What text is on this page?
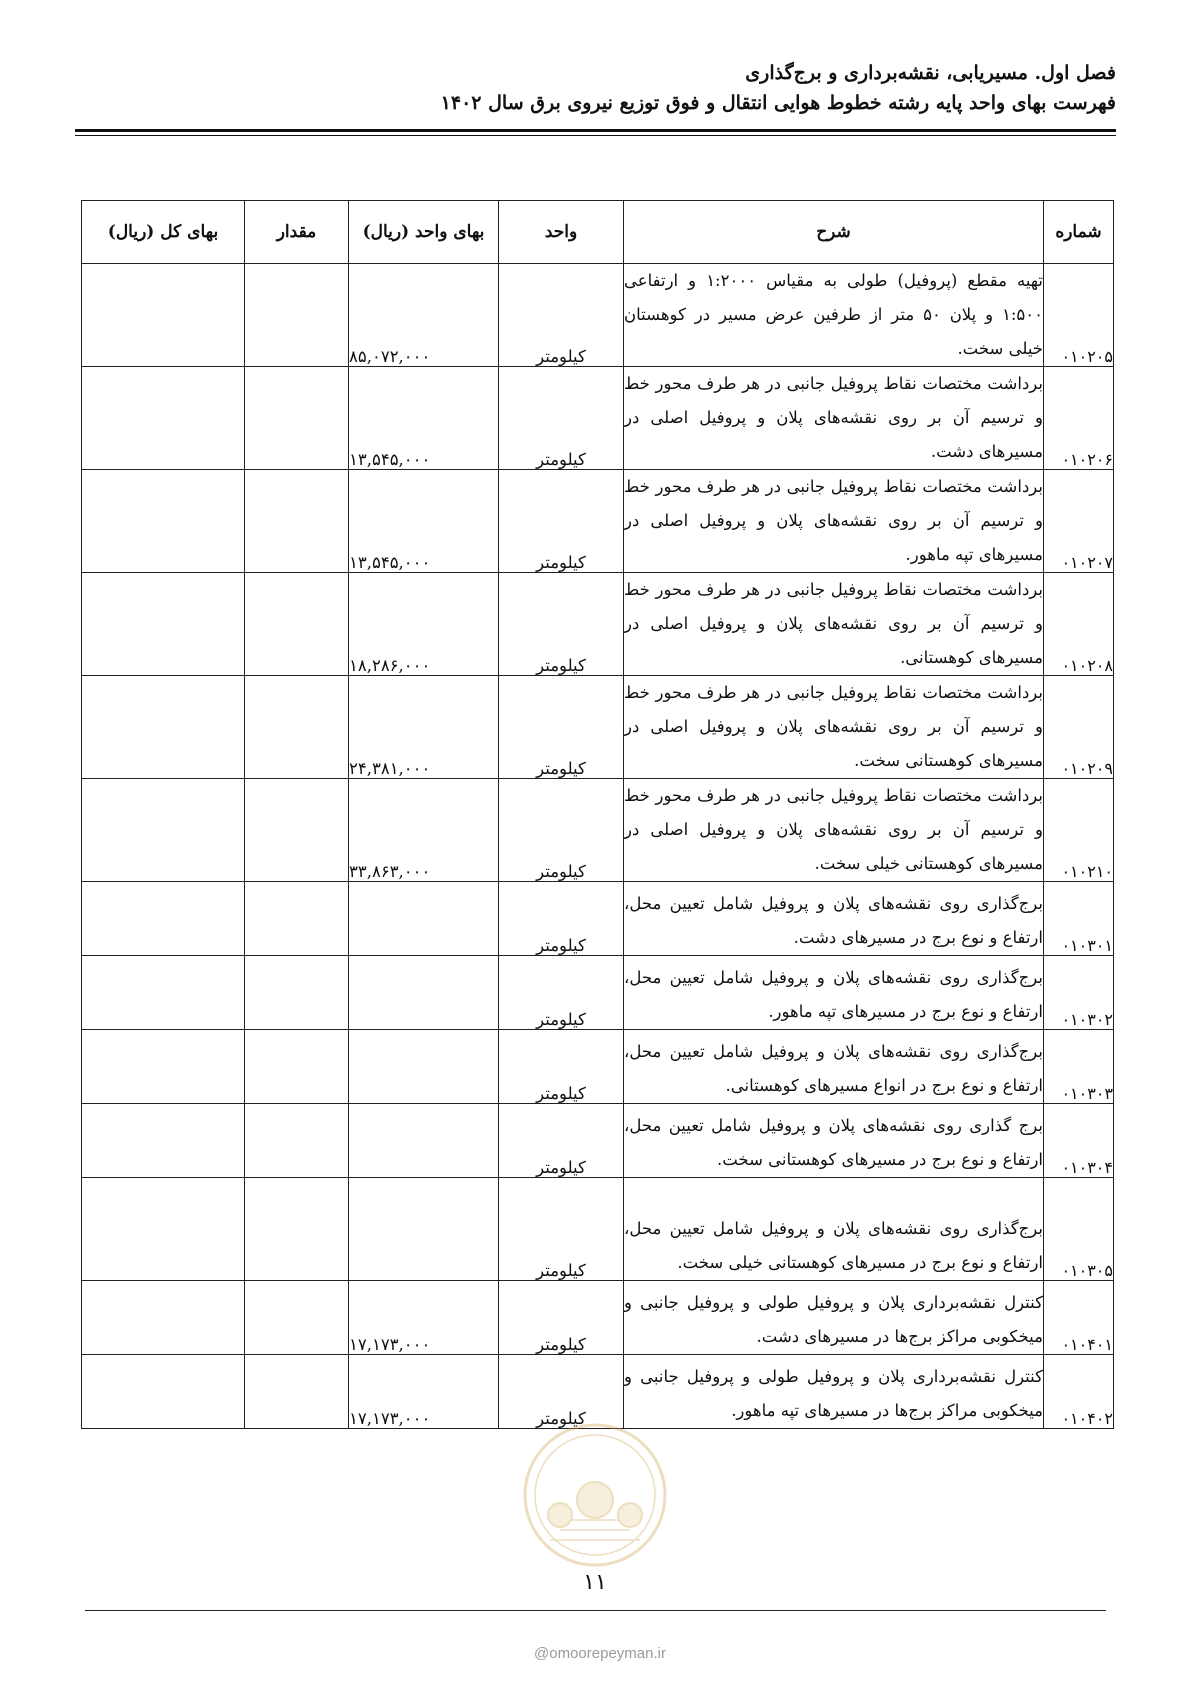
فصل اول. مسیریابی، نقشه‌برداری و برج‌گذاری
فهرست بهای واحد پایه رشته خطوط هوایی انتقال و فوق توزیع نیروی برق سال ۱۴۰۲
شماره	شرح	واحد	بهای واحد (ریال)	مقدار	بهای کل (ریال)
۰۱۰۲۰۵	تهیه مقطع (پروفیل) طولی به مقیاس ۱:۲۰۰۰ و ارتفاعی ۱:۵۰۰ و پلان ۵۰ متر از طرفین عرض مسیر در کوهستان خیلی سخت.	کیلومتر	۸۵,۰۷۲,۰۰۰		
۰۱۰۲۰۶	برداشت مختصات نقاط پروفیل جانبی در هر طرف محور خط و ترسیم آن بر روی نقشه‌های پلان و پروفیل اصلی در مسیرهای دشت.	کیلومتر	۱۳,۵۴۵,۰۰۰		
۰۱۰۲۰۷	برداشت مختصات نقاط پروفیل جانبی در هر طرف محور خط و ترسیم آن بر روی نقشه‌های پلان و پروفیل اصلی در مسیرهای تپه ماهور.	کیلومتر	۱۳,۵۴۵,۰۰۰		
۰۱۰۲۰۸	برداشت مختصات نقاط پروفیل جانبی در هر طرف محور خط و ترسیم آن بر روی نقشه‌های پلان و پروفیل اصلی در مسیرهای کوهستانی.	کیلومتر	۱۸,۲۸۶,۰۰۰		
۰۱۰۲۰۹	برداشت مختصات نقاط پروفیل جانبی در هر طرف محور خط و ترسیم آن بر روی نقشه‌های پلان و پروفیل اصلی در مسیرهای کوهستانی سخت.	کیلومتر	۲۴,۳۸۱,۰۰۰		
۰۱۰۲۱۰	برداشت مختصات نقاط پروفیل جانبی در هر طرف محور خط و ترسیم آن بر روی نقشه‌های پلان و پروفیل اصلی در مسیرهای کوهستانی خیلی سخت.	کیلومتر	۳۳,۸۶۳,۰۰۰		
۰۱۰۳۰۱	برج‌گذاری روی نقشه‌های پلان و پروفیل شامل تعیین محل، ارتفاع و نوع برج در مسیرهای دشت.	کیلومتر			
۰۱۰۳۰۲	برج‌گذاری روی نقشه‌های پلان و پروفیل شامل تعیین محل، ارتفاع و نوع برج در مسیرهای تپه ماهور.	کیلومتر			
۰۱۰۳۰۳	برج‌گذاری روی نقشه‌های پلان و پروفیل شامل تعیین محل، ارتفاع و نوع برج در انواع مسیرهای کوهستانی.	کیلومتر			
۰۱۰۳۰۴	برج گذاری روی نقشه‌های پلان و پروفیل شامل تعیین محل، ارتفاع و نوع برج در مسیرهای کوهستانی سخت.	کیلومتر			
۰۱۰۳۰۵	برج‌گذاری روی نقشه‌های پلان و پروفیل شامل تعیین محل، ارتفاع و نوع برج در مسیرهای کوهستانی خیلی سخت.	کیلومتر			
۰۱۰۴۰۱	کنترل نقشه‌برداری پلان و پروفیل طولی و پروفیل جانبی و میخکوبی مراکز برج‌ها در مسیرهای دشت.	کیلومتر	۱۷,۱۷۳,۰۰۰		
۰۱۰۴۰۲	کنترل نقشه‌برداری پلان و پروفیل طولی و پروفیل جانبی و میخکوبی مراکز برج‌ها در مسیرهای تپه ماهور.	کیلومتر	۱۷,۱۷۳,۰۰۰		
۱۱
@omoorepeyman.ir
